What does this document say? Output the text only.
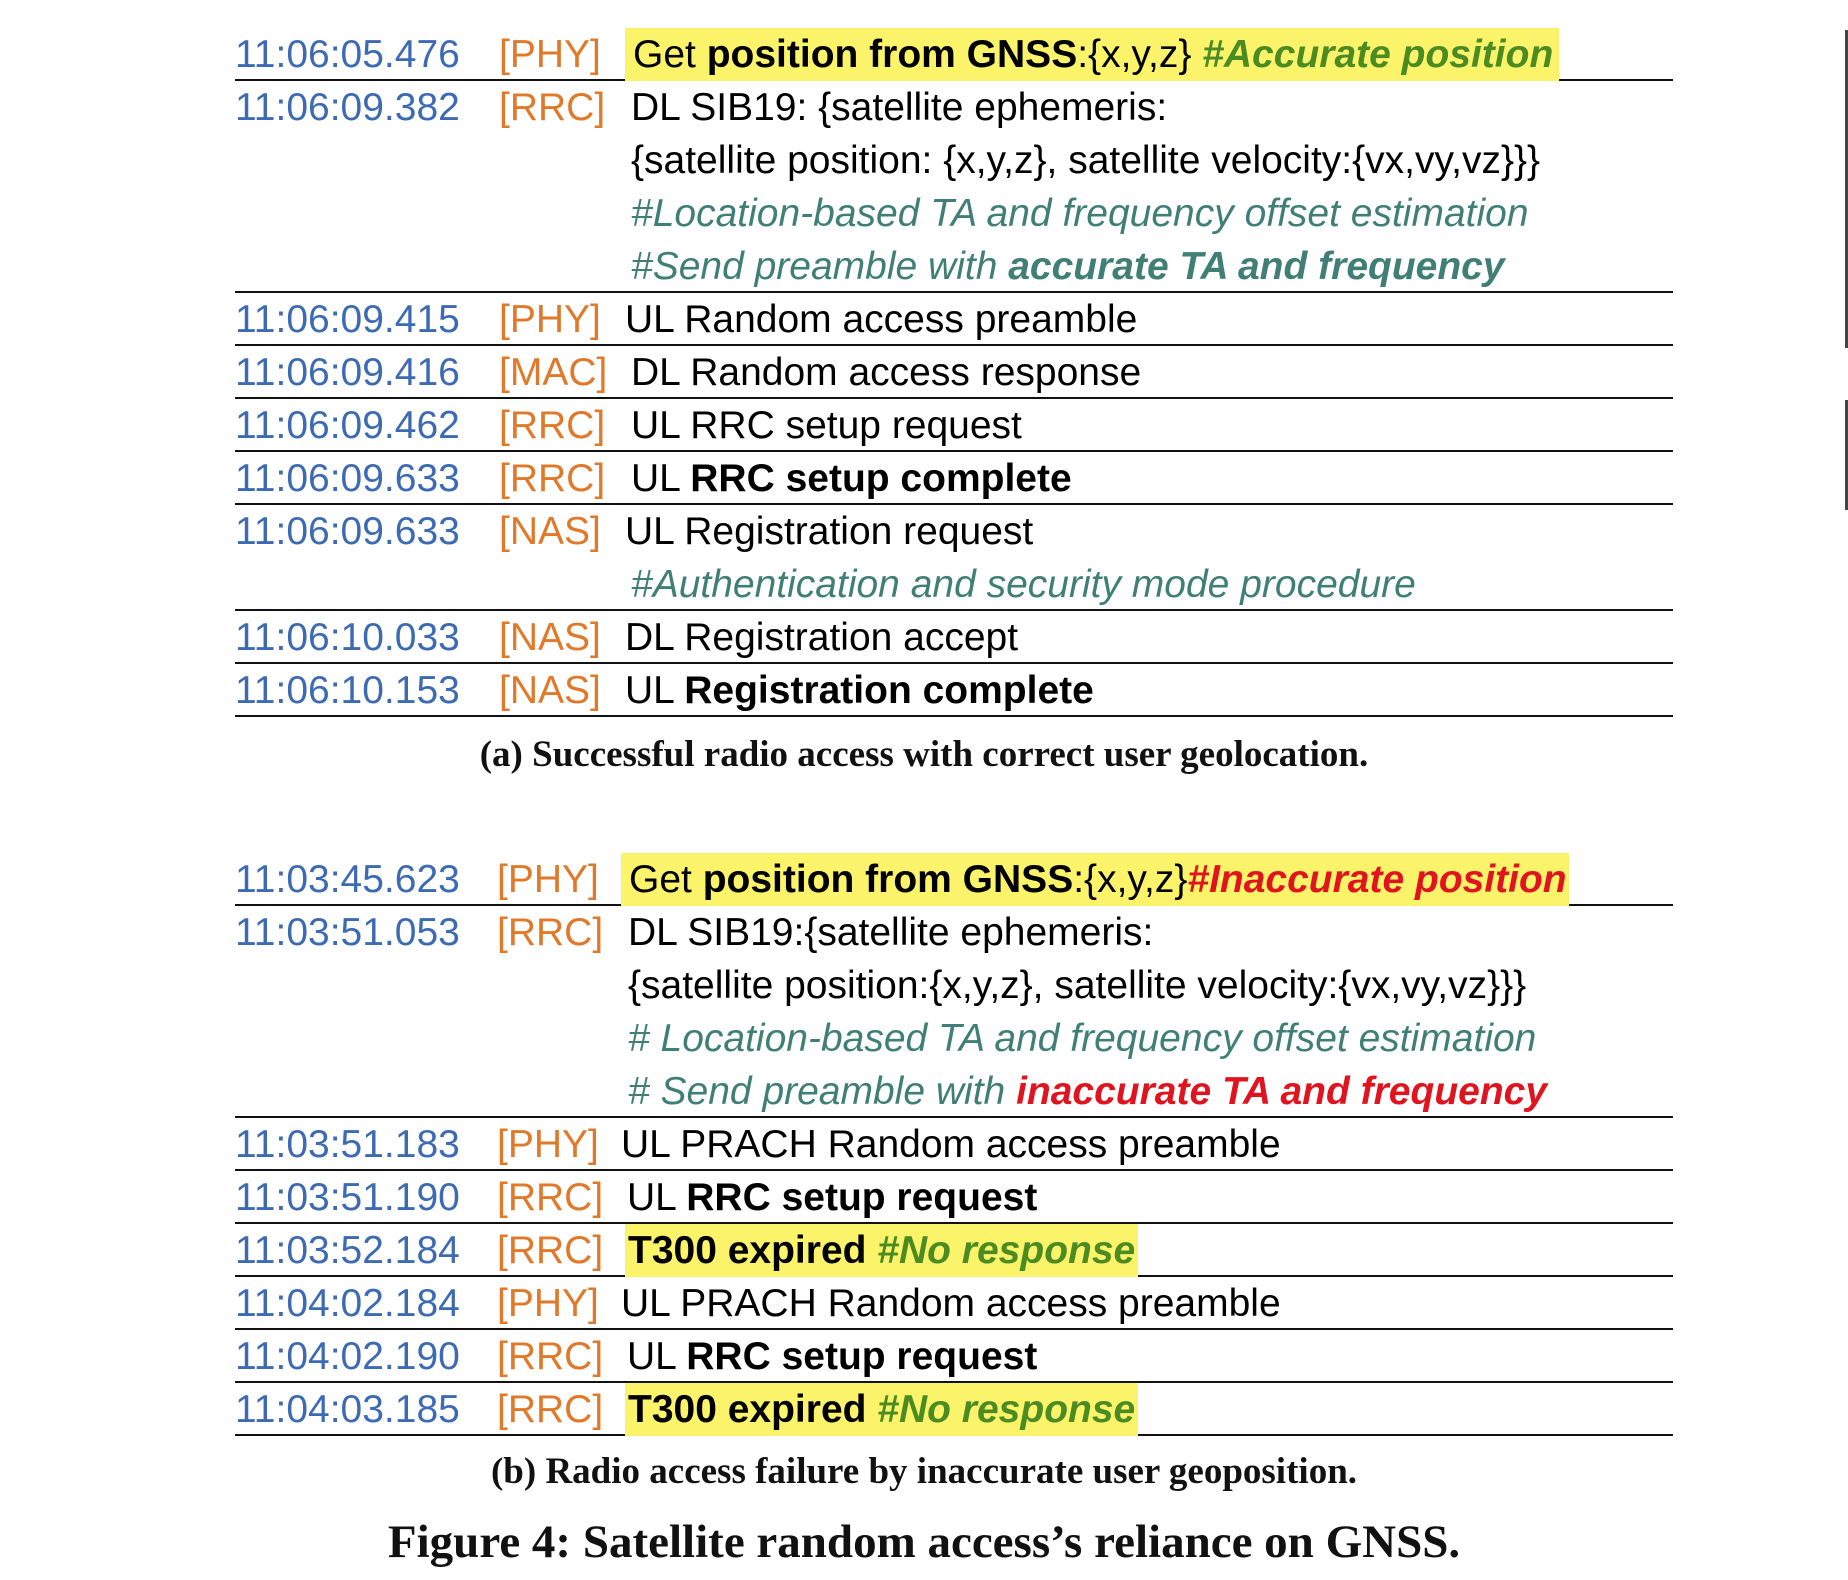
11:06:05.476 [PHY] Get position from GNSS:{x,y,z} #Accurate position
11:06:09.382 [RRC] DL SIB19: {satellite ephemeris:
{satellite position: {x,y,z}, satellite velocity:{vx,vy,vz}}}
#Location-based TA and frequency offset estimation
#Send preamble with accurate TA and frequency
11:06:09.415 [PHY] UL Random access preamble
11:06:09.416 [MAC] DL Random access response
11:06:09.462 [RRC] UL RRC setup request
11:06:09.633 [RRC] UL RRC setup complete
11:06:09.633 [NAS] UL Registration request
#Authentication and security mode procedure
11:06:10.033 [NAS] DL Registration accept
11:06:10.153 [NAS] UL Registration complete
(a) Successful radio access with correct user geolocation.
11:03:45.623 [PHY] Get position from GNSS:{x,y,z}#Inaccurate position
11:03:51.053 [RRC] DL SIB19:{satellite ephemeris:
{satellite position:{x,y,z}, satellite velocity:{vx,vy,vz}}}
# Location-based TA and frequency offset estimation
# Send preamble with inaccurate TA and frequency
11:03:51.183 [PHY] UL PRACH Random access preamble
11:03:51.190 [RRC] UL RRC setup request
11:03:52.184 [RRC] T300 expired #No response
11:04:02.184 [PHY] UL PRACH Random access preamble
11:04:02.190 [RRC] UL RRC setup request
11:04:03.185 [RRC] T300 expired #No response
(b) Radio access failure by inaccurate user geoposition.
Figure 4: Satellite random access’s reliance on GNSS.
